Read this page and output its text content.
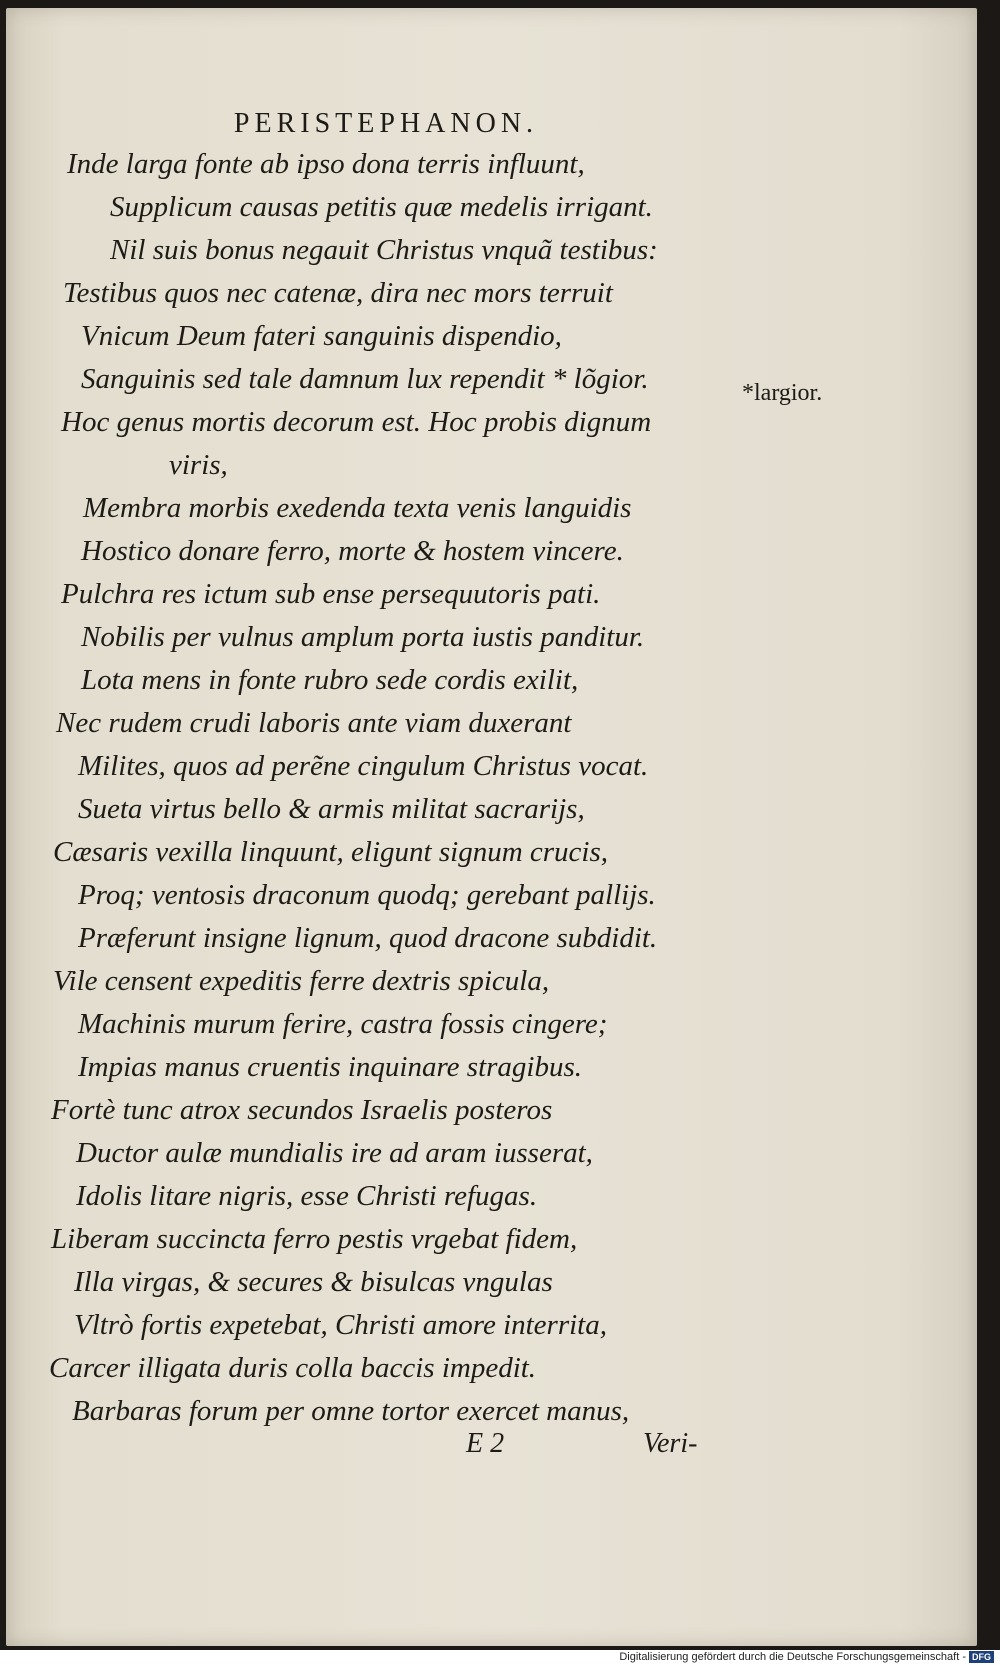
PERISTEPHANON.
Inde larga fonte ab ipso dona terris influunt,
Supplicum causas petitis quæ medelis irrigant.
Nil suis bonus negauit Christus vnquã testibus:
Testibus quos nec catenæ, dira nec mors terruit
Vnicum Deum fateri sanguinis dispendio,
Sanguinis sed tale damnum lux rependit * lõgior.
Hoc genus mortis decorum est. Hoc probis dignum
viris,
Membra morbis exedenda texta venis languidis
Hostico donare ferro, morte & hostem vincere.
Pulchra res ictum sub ense persequutoris pati.
Nobilis per vulnus amplum porta iustis panditur.
Lota mens in fonte rubro sede cordis exilit,
Nec rudem crudi laboris ante viam duxerant
Milites, quos ad perẽne cingulum Christus vocat.
Sueta virtus bello & armis militat sacrarijs,
Cæsaris vexilla linquunt, eligunt signum crucis,
Proq; ventosis draconum quodq; gerebant pallijs.
Præferunt insigne lignum, quod dracone subdidit.
Vile censent expeditis ferre dextris spicula,
Machinis murum ferire, castra fossis cingere;
Impias manus cruentis inquinare stragibus.
Fortè tunc atrox secundos Israelis posteros
Ductor aulæ mundialis ire ad aram iusserat,
Idolis litare nigris, esse Christi refugas.
Liberam succincta ferro pestis vrgebat fidem,
Illa virgas, & secures & bisulcas vngulas
Vltrò fortis expetebat, Christi amore interrita,
Carcer illigata duris colla baccis impedit.
Barbaras forum per omne tortor exercet manus,
*largior.
E 2	Veri-
Digitalisierung gefördert durch die Deutsche Forschungsgemeinschaft - DFG
